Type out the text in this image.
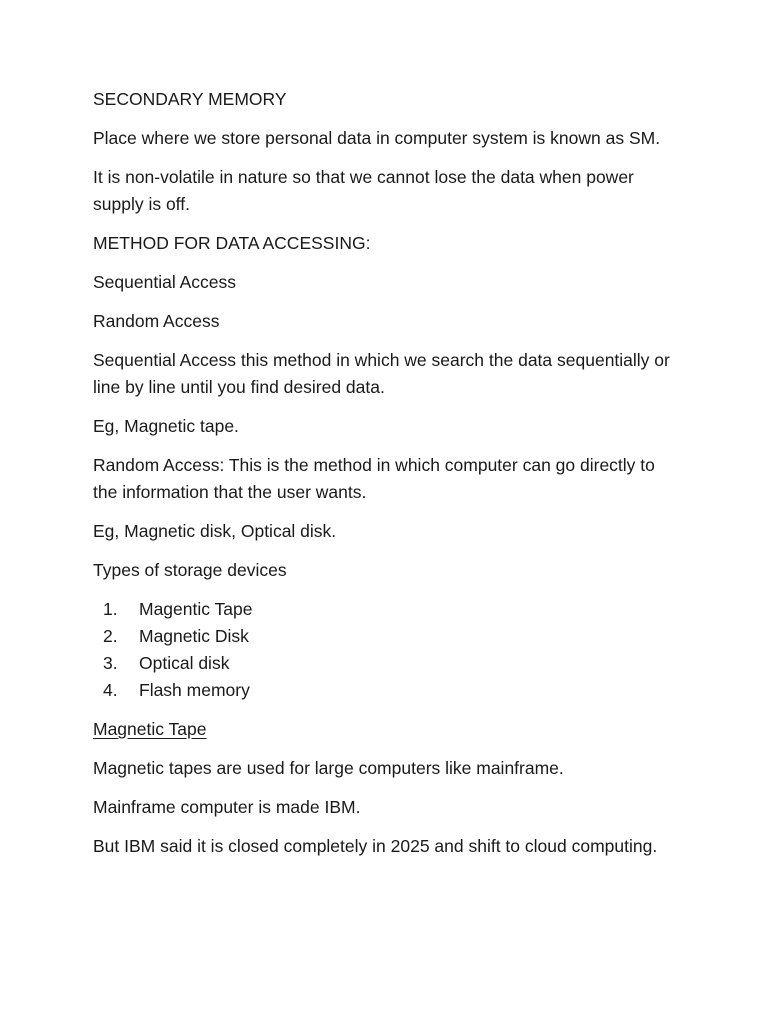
SECONDARY MEMORY

Place where we store personal data in computer system is known as SM.

It is non-volatile in nature so that we cannot lose the data when power supply is off.

METHOD FOR DATA ACCESSING:

Sequential Access

Random Access

Sequential Access this method in which we search the data sequentially or line by line until you find desired data.

Eg, Magnetic tape.

Random Access: This is the method in which computer can go directly to the information that the user wants.

Eg, Magnetic disk, Optical disk.

Types of storage devices

1.	Magentic Tape
2.	Magnetic Disk
3.	Optical disk
4.	Flash memory

Magnetic Tape

Magnetic tapes are used for large computers like mainframe.

Mainframe computer is made IBM.

But IBM said it is closed completely in 2025 and shift to cloud computing.
